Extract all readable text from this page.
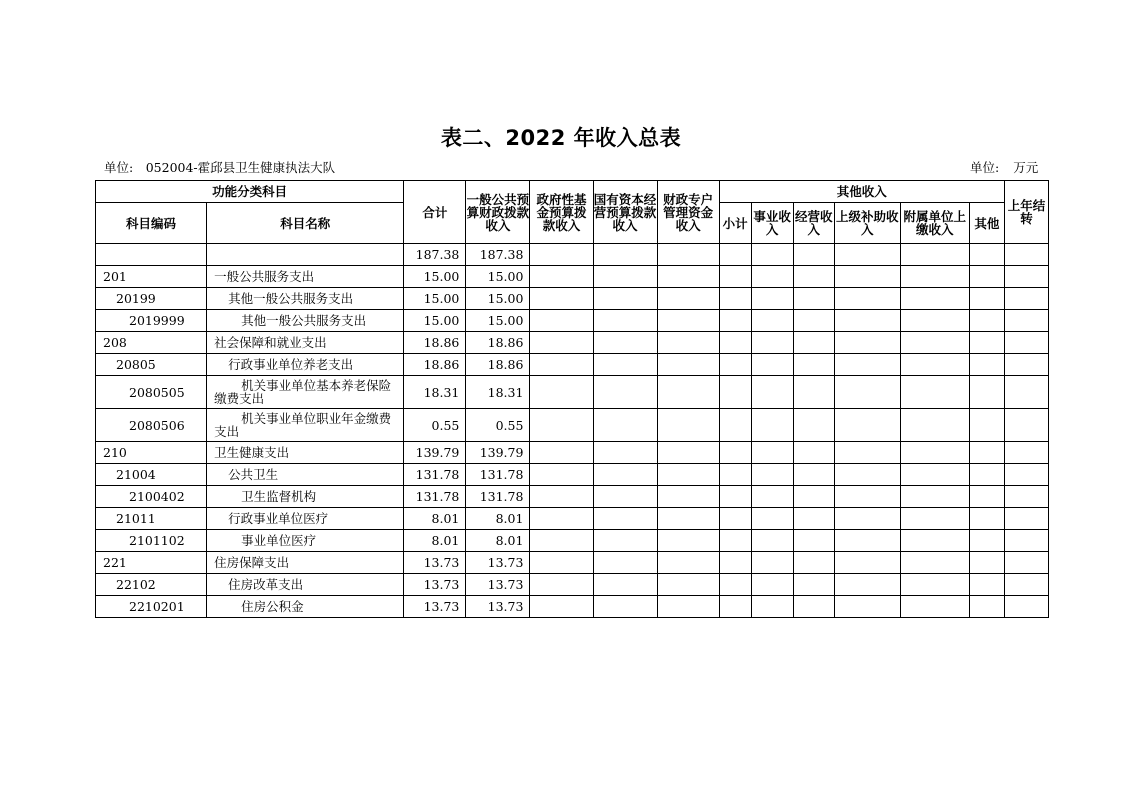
表二、2022 年收入总表
单位:　052004-霍邱县卫生健康执法大队	单位: 万元
功能分类科目		合计	一般公共预算财政拨款收入	政府性基金预算拨款收入	国有资本经营预算拨款收入	财政专户管理资金收入	其他收入						上年结转
科目编码	科目名称						小计	事业收入	经营收入	上级补助收入	附属单位上缴收入	其他	
		187.38	187.38										
201	一般公共服务支出	15.00	15.00										
20199	其他一般公共服务支出	15.00	15.00										
2019999	其他一般公共服务支出	15.00	15.00										
208	社会保障和就业支出	18.86	18.86										
20805	行政事业单位养老支出	18.86	18.86										
2080505	机关事业单位基本养老保险缴费支出	18.31	18.31										
2080506	机关事业单位职业年金缴费支出	0.55	0.55										
210	卫生健康支出	139.79	139.79										
21004	公共卫生	131.78	131.78										
2100402	卫生监督机构	131.78	131.78										
21011	行政事业单位医疗	8.01	8.01										
2101102	事业单位医疗	8.01	8.01										
221	住房保障支出	13.73	13.73										
22102	住房改革支出	13.73	13.73										
2210201	住房公积金	13.73	13.73										
